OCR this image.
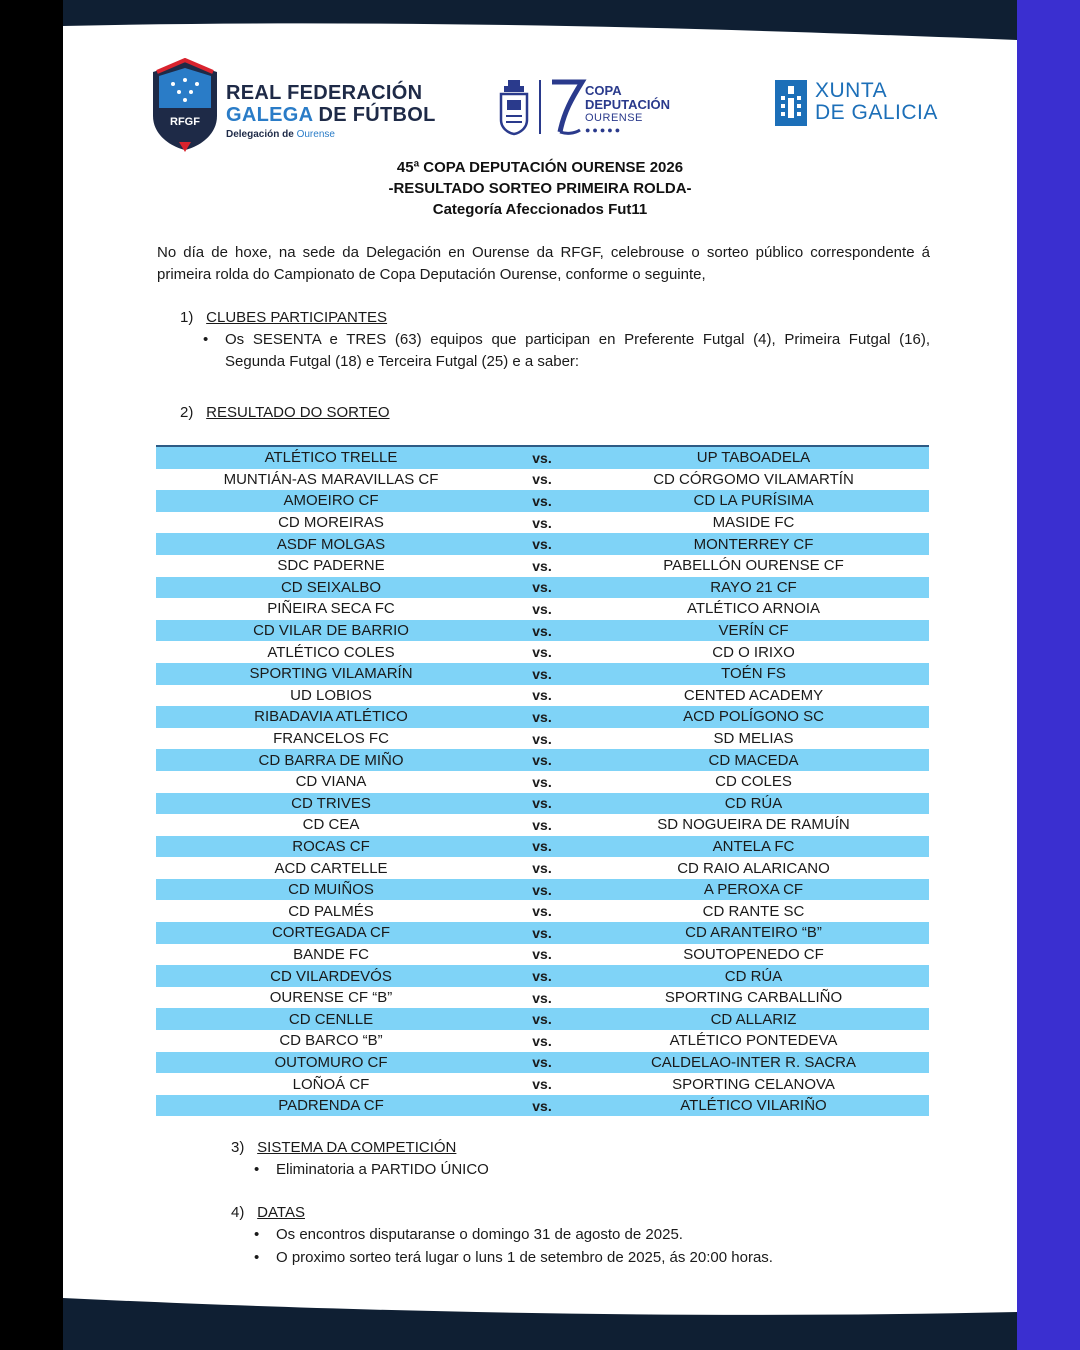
RFGF
REAL FEDERACIÓN
GALEGA DE FÚTBOL
Delegación de Ourense
COPA
DEPUTACIÓN
OURENSE
●●●●●
XUNTA
DE GALICIA
45ª COPA DEPUTACIÓN OURENSE 2026
-RESULTADO SORTEO PRIMEIRA ROLDA-
Categoría Afeccionados Fut11
No día de hoxe, na sede da Delegación en Ourense da RFGF, celebrouse o sorteo público correspondente á primeira rolda do Campionato de Copa Deputación Ourense, conforme o seguinte,
1) CLUBES PARTICIPANTES
• Os SESENTA e TRES (63) equipos que participan en Preferente Futgal (4), Primeira Futgal (16), Segunda Futgal (18) e Terceira Futgal (25) e a saber:
2) RESULTADO DO SORTEO
ATLÉTICO TRELLE	vs.	UP TABOADELA
MUNTIÁN-AS MARAVILLAS CF	vs.	CD CÓRGOMO VILAMARTÍN
AMOEIRO CF	vs.	CD LA PURÍSIMA
CD MOREIRAS	vs.	MASIDE FC
ASDF MOLGAS	vs.	MONTERREY CF
SDC PADERNE	vs.	PABELLÓN OURENSE CF
CD SEIXALBO	vs.	RAYO 21 CF
PIÑEIRA SECA FC	vs.	ATLÉTICO ARNOIA
CD VILAR DE BARRIO	vs.	VERÍN CF
ATLÉTICO COLES	vs.	CD O IRIXO
SPORTING VILAMARÍN	vs.	TOÉN FS
UD LOBIOS	vs.	CENTED ACADEMY
RIBADAVIA ATLÉTICO	vs.	ACD POLÍGONO SC
FRANCELOS FC	vs.	SD MELIAS
CD BARRA DE MIÑO	vs.	CD MACEDA
CD VIANA	vs.	CD COLES
CD TRIVES	vs.	CD RÚA
CD CEA	vs.	SD NOGUEIRA DE RAMUÍN
ROCAS CF	vs.	ANTELA FC
ACD CARTELLE	vs.	CD RAIO ALARICANO
CD MUIÑOS	vs.	A PEROXA CF
CD PALMÉS	vs.	CD RANTE SC
CORTEGADA CF	vs.	CD ARANTEIRO “B”
BANDE FC	vs.	SOUTOPENEDO CF
CD VILARDEVÓS	vs.	CD RÚA
OURENSE CF “B”	vs.	SPORTING CARBALLIÑO
CD CENLLE	vs.	CD ALLARIZ
CD BARCO “B”	vs.	ATLÉTICO PONTEDEVA
OUTOMURO CF	vs.	CALDELAO-INTER R. SACRA
LOÑOÁ CF	vs.	SPORTING CELANOVA
PADRENDA CF	vs.	ATLÉTICO VILARIÑO
3) SISTEMA DA COMPETICIÓN
• Eliminatoria a PARTIDO ÚNICO
4) DATAS
• Os encontros disputaranse o domingo 31 de agosto de 2025.
• O proximo sorteo terá lugar o luns 1 de setembro de 2025, ás 20:00 horas.
